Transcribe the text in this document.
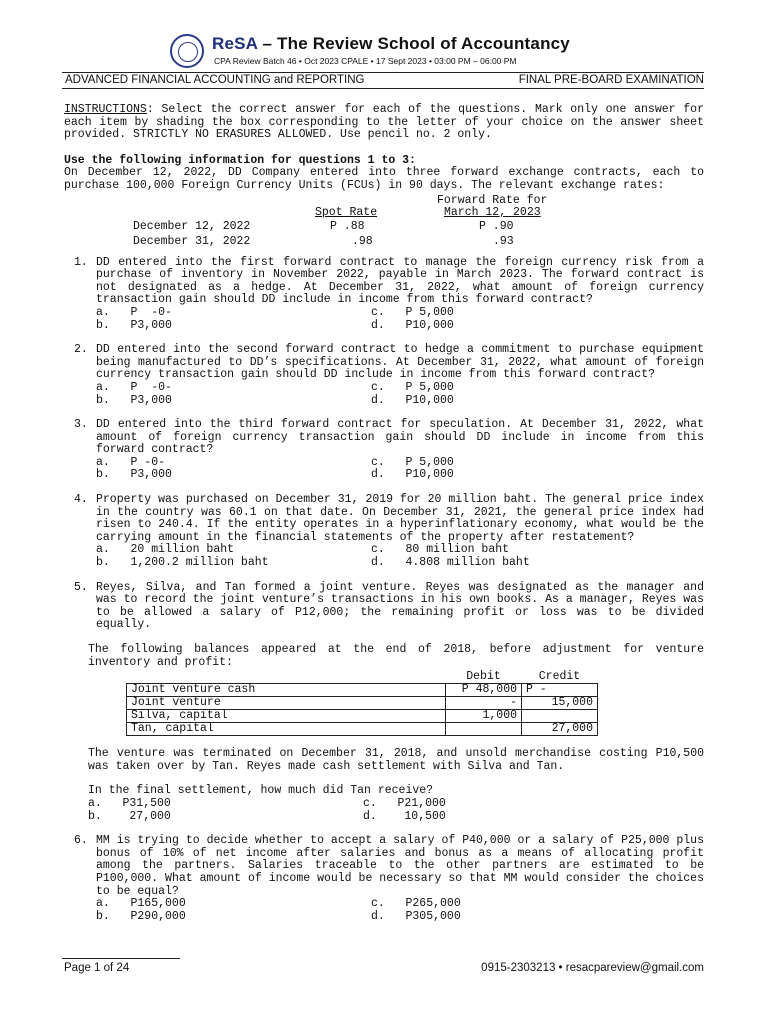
ReSA – The Review School of Accountancy
CPA Review Batch 46 • Oct 2023 CPALE • 17 Sept 2023 • 03:00 PM – 06:00 PM
ADVANCED FINANCIAL ACCOUNTING and REPORTING	FINAL PRE-BOARD EXAMINATION

INSTRUCTIONS: Select the correct answer for each of the questions. Mark only one answer for each item by shading the box corresponding to the letter of your choice on the answer sheet provided. STRICTLY NO ERASURES ALLOWED. Use pencil no. 2 only.

Use the following information for questions 1 to 3:

On December 12, 2022, DD Company entered into three forward exchange contracts, each to purchase 100,000 Foreign Currency Units (FCUs) in 90 days. The relevant exchange rates:

Forward Rate for
Spot Rate	March 12, 2023
December 12, 2022	P .88	P .90
December 31, 2022	.98	.93
1. DD entered into the first forward contract to manage the foreign currency risk from a purchase of inventory in November 2022, payable in March 2023. The forward contract is not designated as a hedge. At December 31, 2022, what amount of foreign currency transaction gain should DD include in income from this forward contract?

a.   P  -0-	c.   P 5,000
b.   P3,000	d.   P10,000
2. DD entered into the second forward contract to hedge a commitment to purchase equipment being manufactured to DD’s specifications. At December 31, 2022, what amount of foreign currency transaction gain should DD include in income from this forward contract?

a.   P  -0-	c.   P 5,000
b.   P3,000	d.   P10,000
3. DD entered into the third forward contract for speculation. At December 31, 2022, what amount of foreign currency transaction gain should DD include in income from this forward contract?

a.   P -0-	c.   P 5,000
b.   P3,000	d.   P10,000
4. Property was purchased on December 31, 2019 for 20 million baht. The general price index in the country was 60.1 on that date. On December 31, 2021, the general price index had risen to 240.4. If the entity operates in a hyperinflationary economy, what would be the carrying amount in the financial statements of the property after restatement?

a.   20 million baht	c.   80 million baht
b.   1,200.2 million baht	d.   4.808 million baht
5. Reyes, Silva, and Tan formed a joint venture. Reyes was designated as the manager and was to record the joint venture’s transactions in his own books. As a manager, Reyes was to be allowed a salary of P12,000; the remaining profit or loss was to be divided equally.

The following balances appeared at the end of 2018, before adjustment for venture inventory and profit:

	Debit	Credit
Joint venture cash	P 48,000	P -
Joint venture	-	15,000
Silva, capital	1,000	
Tan, capital		27,000

The venture was terminated on December 31, 2018, and unsold merchandise costing P10,500 was taken over by Tan. Reyes made cash settlement with Silva and Tan.

In the final settlement, how much did Tan receive?

a.   P31,500	c.   P21,000
b.    27,000	d.    10,500
6. MM is trying to decide whether to accept a salary of P40,000 or a salary of P25,000 plus bonus of 10% of net income after salaries and bonus as a means of allocating profit among the partners. Salaries traceable to the other partners are estimated to be P100,000. What amount of income would be necessary so that MM would consider the choices to be equal?

a.   P165,000	c.   P265,000
b.   P290,000	d.   P305,000
Page 1 of 24	0915-2303213 • resacpareview@gmail.com
